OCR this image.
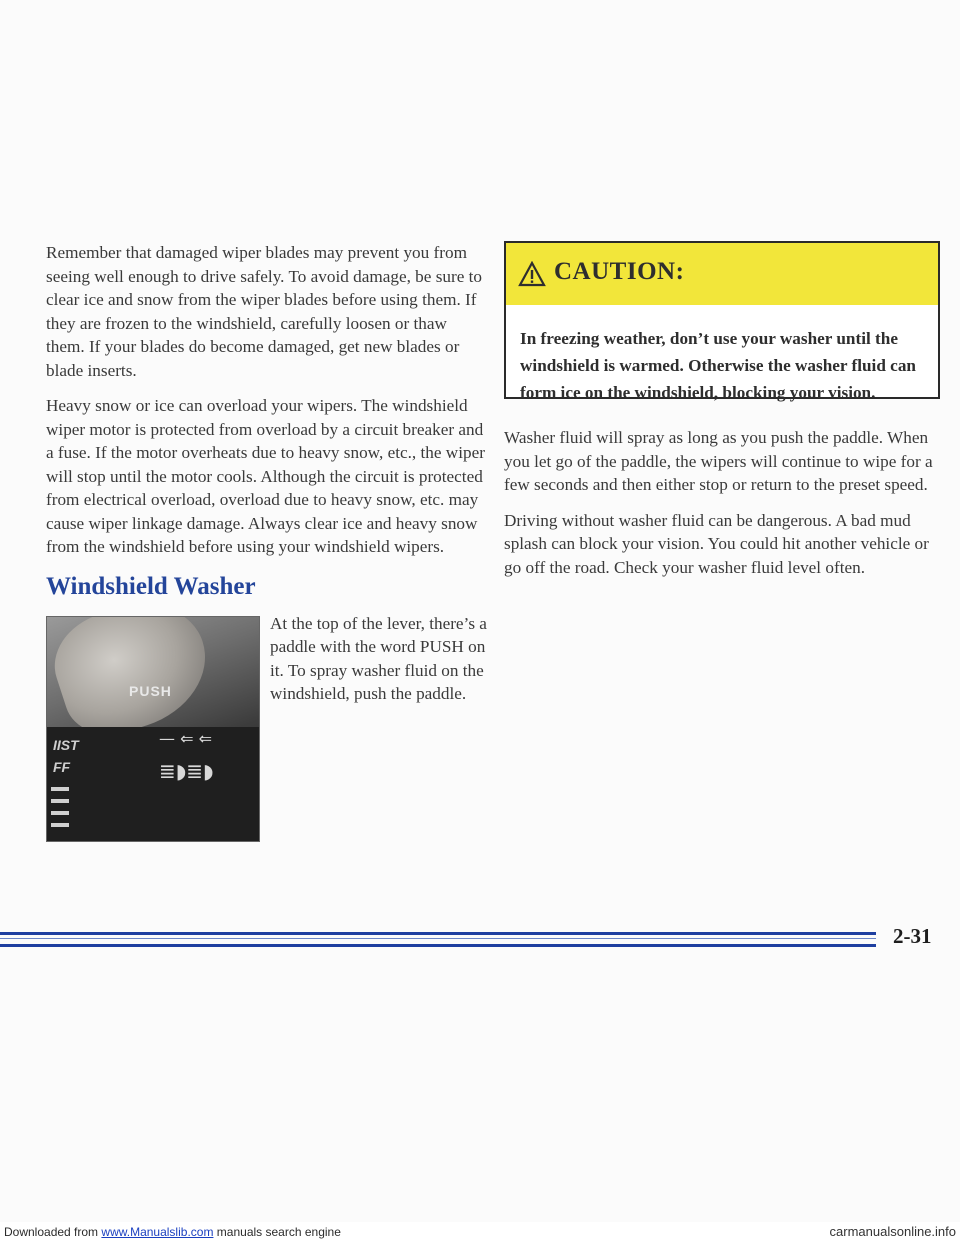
Remember that damaged wiper blades may prevent you from seeing well enough to drive safely. To avoid damage, be sure to clear ice and snow from the wiper blades before using them. If they are frozen to the windshield, carefully loosen or thaw them. If your blades do become damaged, get new blades or blade inserts.

Heavy snow or ice can overload your wipers. The windshield wiper motor is protected from overload by a circuit breaker and a fuse. If the motor overheats due to heavy snow, etc., the wiper will stop until the motor cools. Although the circuit is protected from electrical overload, overload due to heavy snow, etc. may cause wiper linkage damage. Always clear ice and heavy snow from the windshield before using your windshield wipers.

Windshield Washer
PUSH
IIST
FF
— ⇐ ⇐
≣◗≣◗

At the top of the lever, there’s a paddle with the word PUSH on it. To spray washer fluid on the windshield, push the paddle.

CAUTION:
In freezing weather, don’t use your washer until the windshield is warmed. Otherwise the washer fluid can form ice on the windshield, blocking your vision.

Washer fluid will spray as long as you push the paddle. When you let go of the paddle, the wipers will continue to wipe for a few seconds and then either stop or return to the preset speed.

Driving without washer fluid can be dangerous. A bad mud splash can block your vision. You could hit another vehicle or go off the road. Check your washer fluid level often.

2-31
Downloaded from www.Manualslib.com manuals search engine	carmanualsonline.info
